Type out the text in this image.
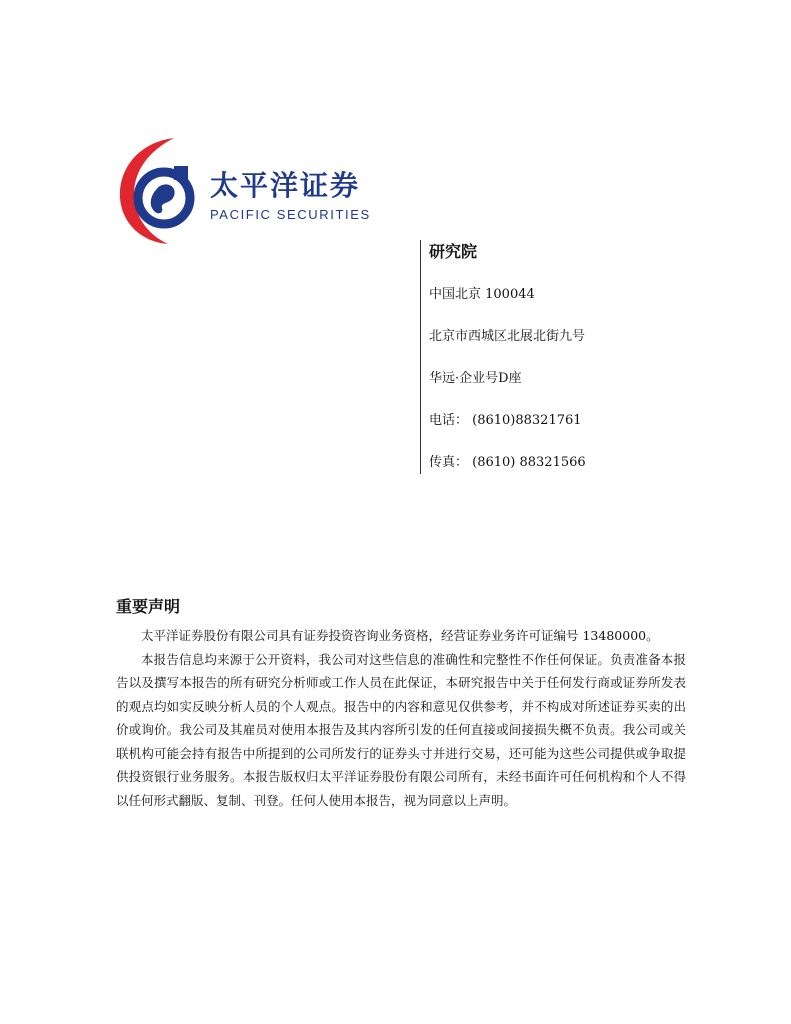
太平洋证券
PACIFIC SECURITIES
研究院
中国北京 100044
北京市西城区北展北街九号
华远·企业号D座
电话： (8610)88321761
传真： (8610) 88321566
重要声明

太平洋证券股份有限公司具有证券投资咨询业务资格，经营证券业务许可证编号 13480000。

本报告信息均来源于公开资料，我公司对这些信息的准确性和完整性不作任何保证。负责准备本报告以及撰写本报告的所有研究分析师或工作人员在此保证，本研究报告中关于任何发行商或证券所发表的观点均如实反映分析人员的个人观点。报告中的内容和意见仅供参考，并不构成对所述证券买卖的出价或询价。我公司及其雇员对使用本报告及其内容所引发的任何直接或间接损失概不负责。我公司或关联机构可能会持有报告中所提到的公司所发行的证券头寸并进行交易，还可能为这些公司提供或争取提供投资银行业务服务。本报告版权归太平洋证券股份有限公司所有，未经书面许可任何机构和个人不得以任何形式翻版、复制、刊登。任何人使用本报告，视为同意以上声明。
